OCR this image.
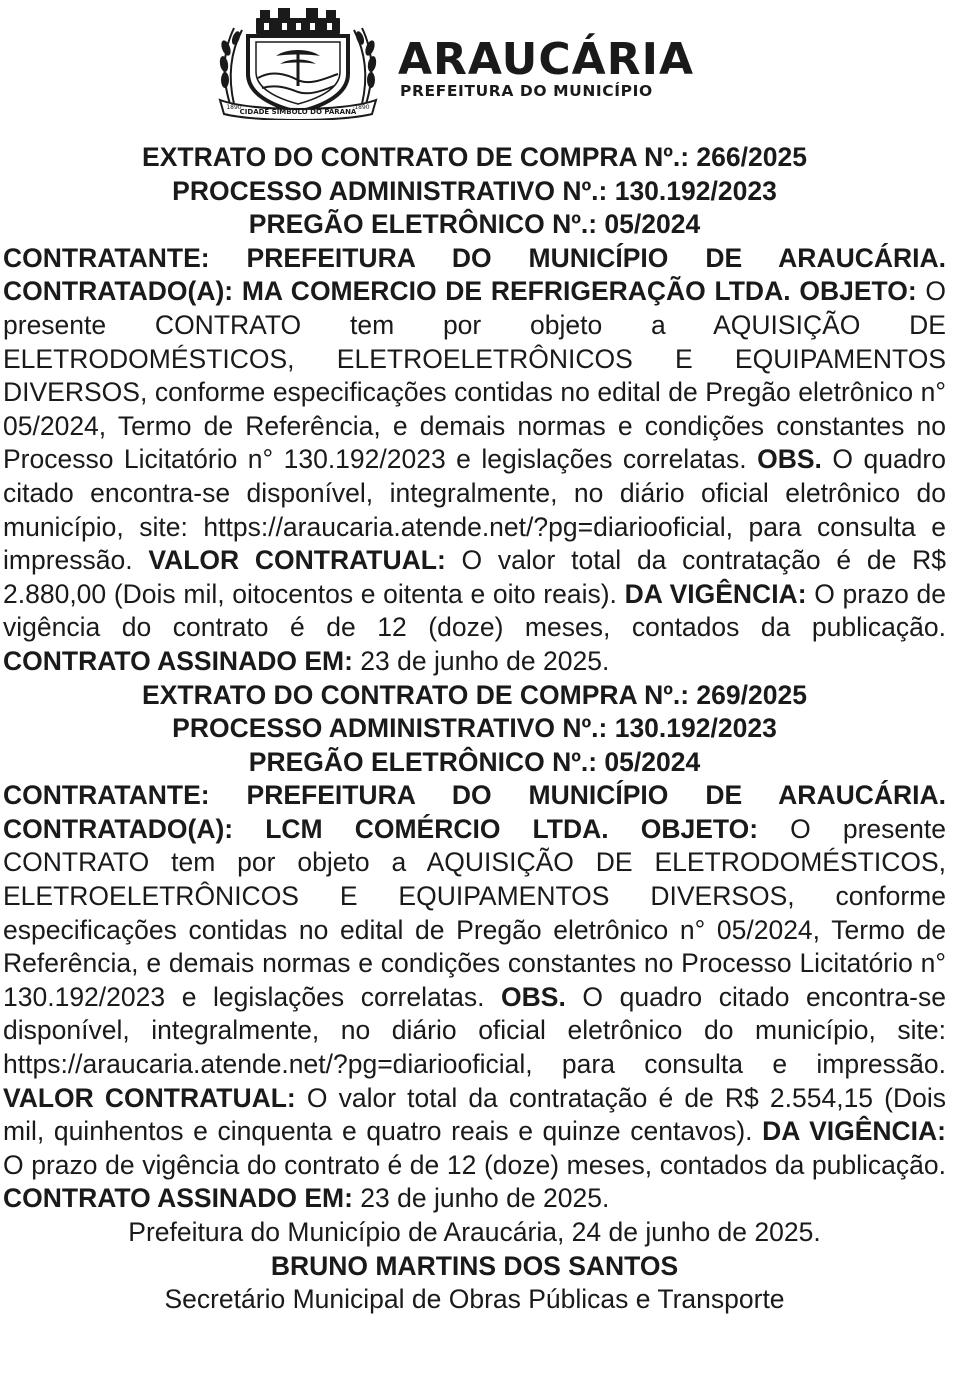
CIDADE SÍMBOLO DO PARANÁ
1890	1890
ARAUCÁRIA
PREFEITURA DO MUNICÍPIO
EXTRATO DO CONTRATO DE COMPRA Nº.: 266/2025
PROCESSO ADMINISTRATIVO Nº.: 130.192/2023
PREGÃO ELETRÔNICO Nº.: 05/2024
CONTRATANTE: PREFEITURA DO MUNICÍPIO DE ARAUCÁRIA. CONTRATADO(A): MA COMERCIO DE REFRIGERAÇÃO LTDA. OBJETO: O presente CONTRATO tem por objeto a AQUISIÇÃO DE ELETRODOMÉSTICOS, ELETROELETRÔNICOS E EQUIPAMENTOS DIVERSOS, conforme especificações contidas no edital de Pregão eletrônico n° 05/2024, Termo de Referência, e demais normas e condições constantes no Processo Licitatório n° 130.192/2023 e legislações correlatas. OBS. O quadro citado encontra-se disponível, integralmente, no diário oficial eletrônico do município, site: https://araucaria.atende.net/?pg=diariooficial, para consulta e impressão. VALOR CONTRATUAL: O valor total da contratação é de R$ 2.880,00 (Dois mil, oitocentos e oitenta e oito reais). DA VIGÊNCIA: O prazo de vigência do contrato é de 12 (doze) meses, contados da publicação. CONTRATO ASSINADO EM: 23 de junho de 2025.
EXTRATO DO CONTRATO DE COMPRA Nº.: 269/2025
PROCESSO ADMINISTRATIVO Nº.: 130.192/2023
PREGÃO ELETRÔNICO Nº.: 05/2024
CONTRATANTE: PREFEITURA DO MUNICÍPIO DE ARAUCÁRIA. CONTRATADO(A): LCM COMÉRCIO LTDA. OBJETO: O presente CONTRATO tem por objeto a AQUISIÇÃO DE ELETRODOMÉSTICOS, ELETROELETRÔNICOS E EQUIPAMENTOS DIVERSOS, conforme especificações contidas no edital de Pregão eletrônico n° 05/2024, Termo de Referência, e demais normas e condições constantes no Processo Licitatório n° 130.192/2023 e legislações correlatas. OBS. O quadro citado encontra-se disponível, integralmente, no diário oficial eletrônico do município, site: https://araucaria.atende.net/?pg=diariooficial, para consulta e impressão. VALOR CONTRATUAL: O valor total da contratação é de R$ 2.554,15 (Dois mil, quinhentos e cinquenta e quatro reais e quinze centavos). DA VIGÊNCIA: O prazo de vigência do contrato é de 12 (doze) meses, contados da publicação. CONTRATO ASSINADO EM: 23 de junho de 2025.
Prefeitura do Município de Araucária, 24 de junho de 2025.
BRUNO MARTINS DOS SANTOS
Secretário Municipal de Obras Públicas e Transporte
